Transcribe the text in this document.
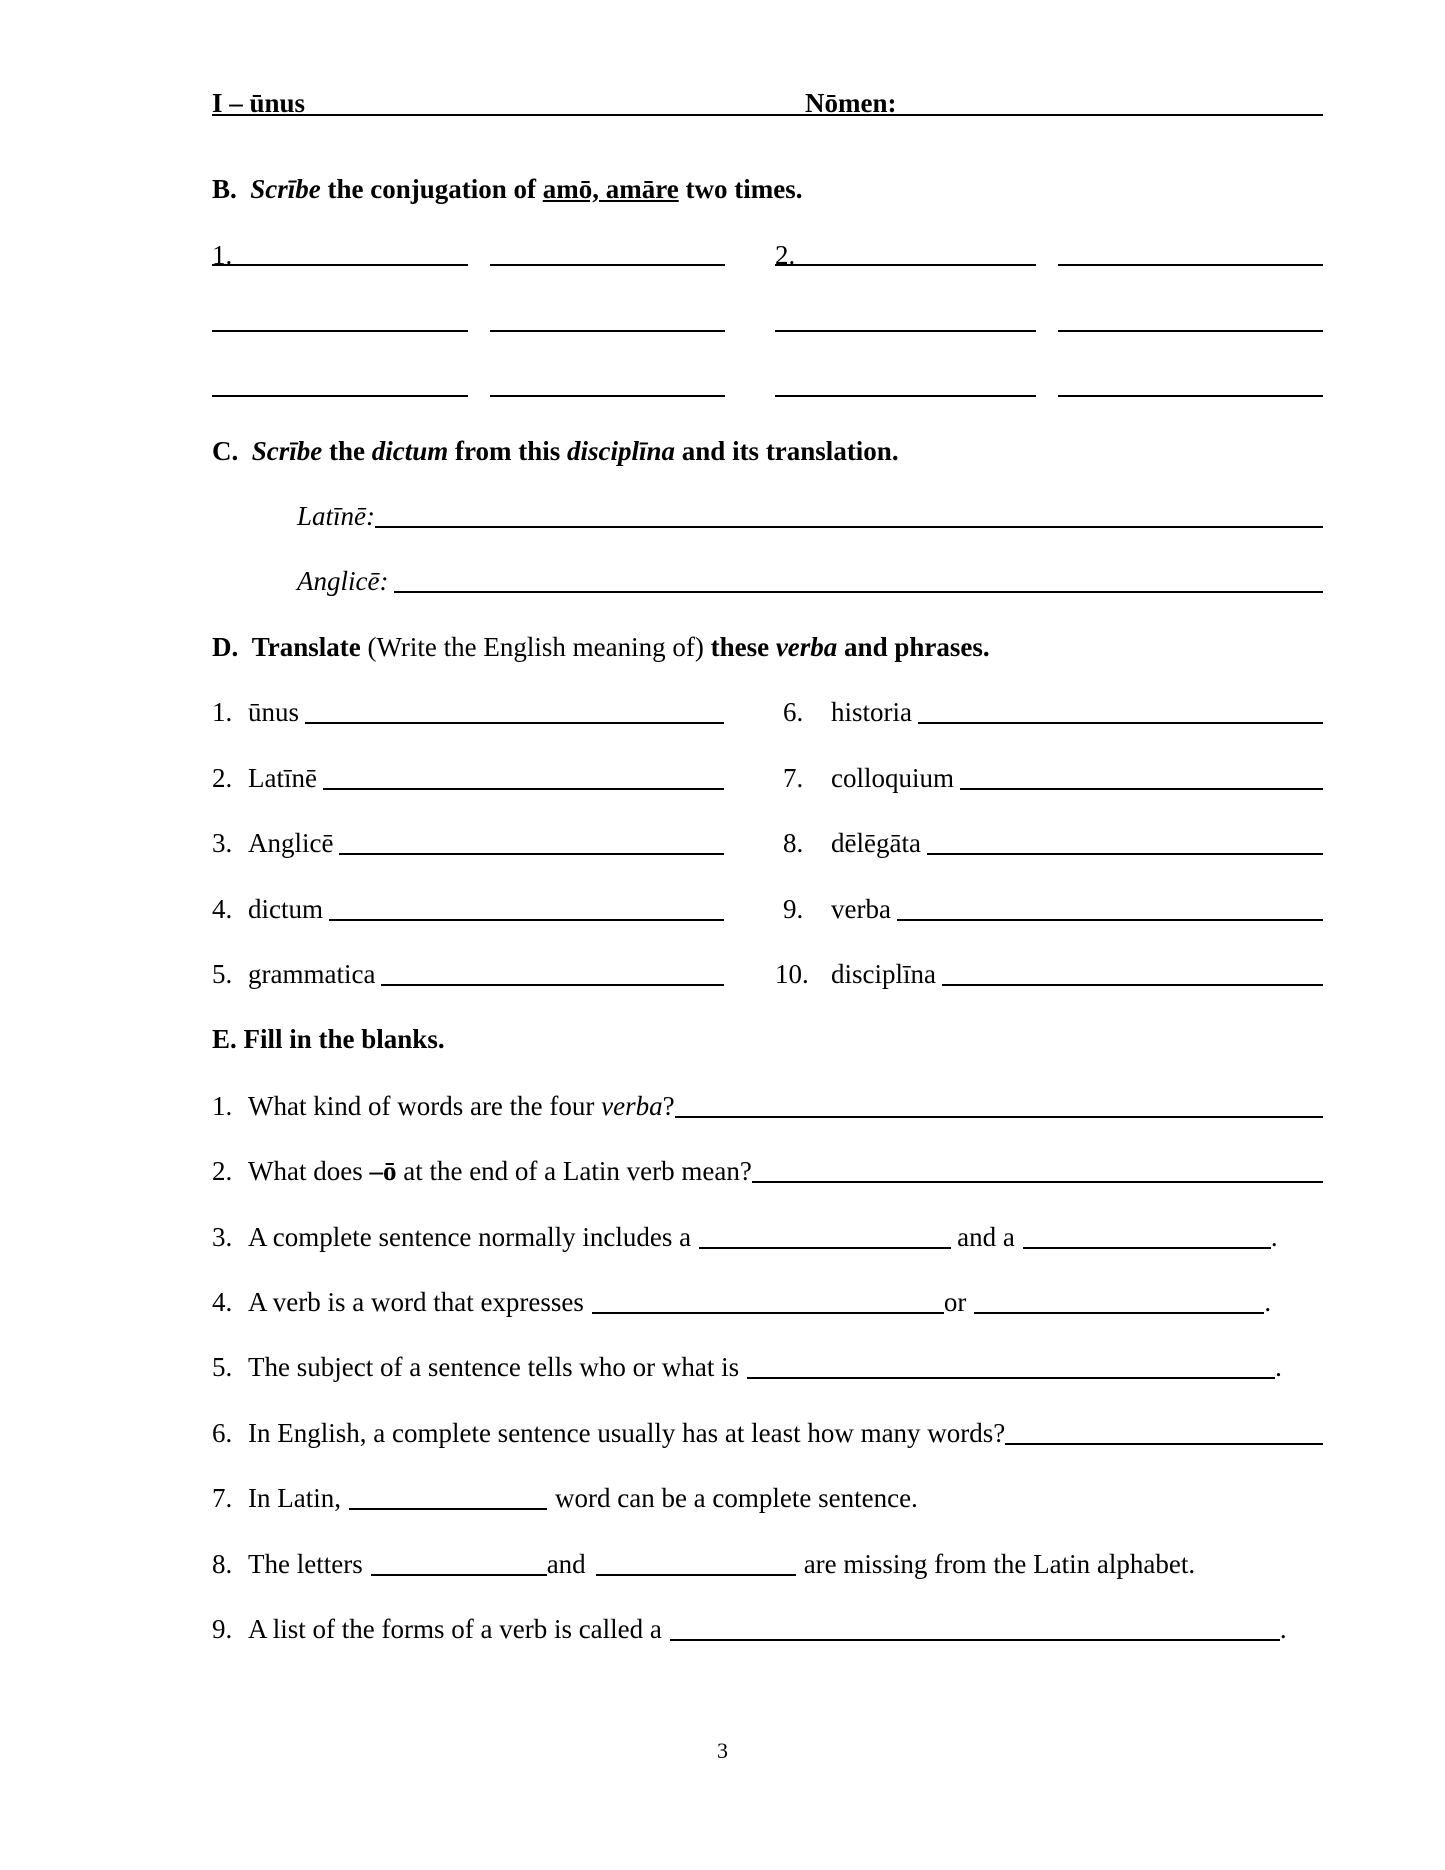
I – ūnus	Nōmen:
B. Scrībe the conjugation of amō, amāre two times.
1.	2.
C. Scrībe the dictum from this disciplīna and its translation.
Latīnē:
Anglicē:
D. Translate (Write the English meaning of) these verba and phrases.
1. ūnus
2. Latīnē
3. Anglicē
4. dictum
5. grammatica
6.	historia
7.	colloquium
8.	dēlēgāta
9.	verba
10. disciplīna
E. Fill in the blanks.
1. What kind of words are the four
verba ?
2. What does
–ō
at the end of a Latin verb mean?
3. A complete sentence normally includes a	and a	.
4. A verb is a word that expresses	or	.
5. The subject of a sentence tells who or what is	.
6. In English, a complete sentence usually has at least how many words?
7. In Latin,	word can be a complete sentence.
8. The letters	and	are missing from the Latin alphabet.
9. A list of the forms of a verb is called a	.
3
